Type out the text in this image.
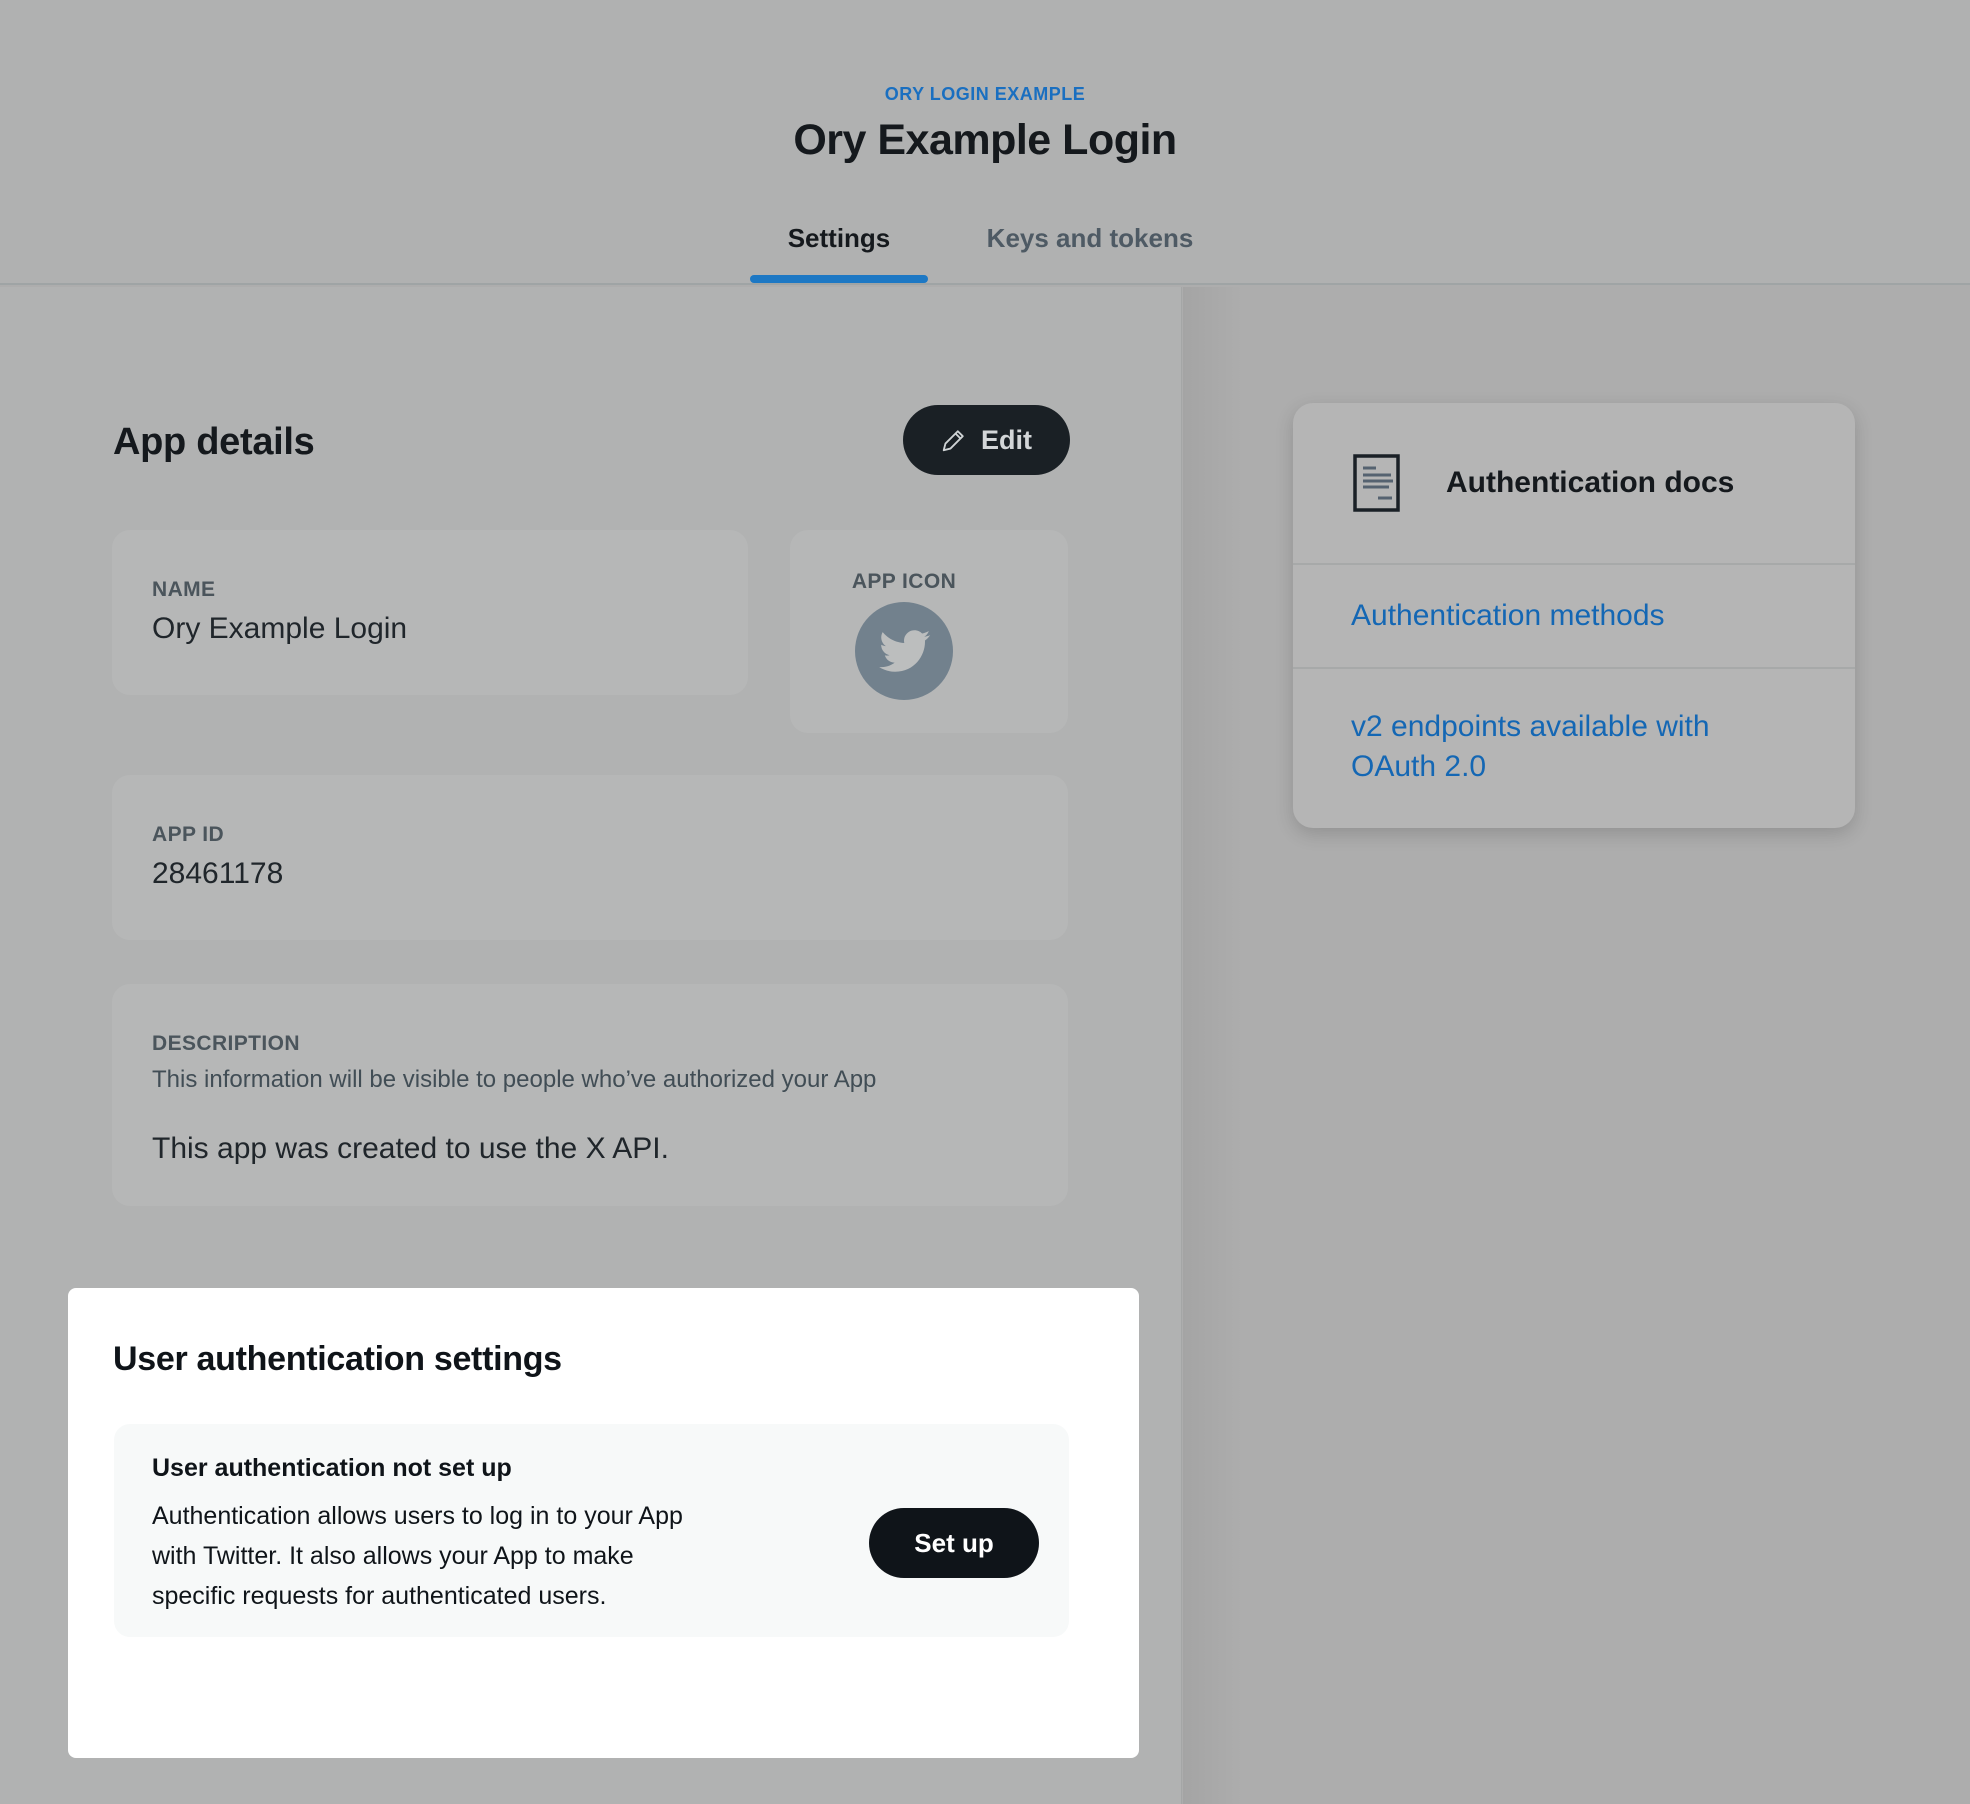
ORY LOGIN EXAMPLE
Ory Example Login
Settings	Keys and tokens
App details	Edit
NAME
Ory Example Login
APP ICON
APP ID
28461178
DESCRIPTION
This information will be visible to people who’ve authorized your App
This app was created to use the X API.
User authentication settings
User authentication not set up
Authentication allows users to log in to your App
with Twitter. It also allows your App to make
specific requests for authenticated users.
Set up
Authentication docs
Authentication methods
v2 endpoints available with OAuth 2.0
